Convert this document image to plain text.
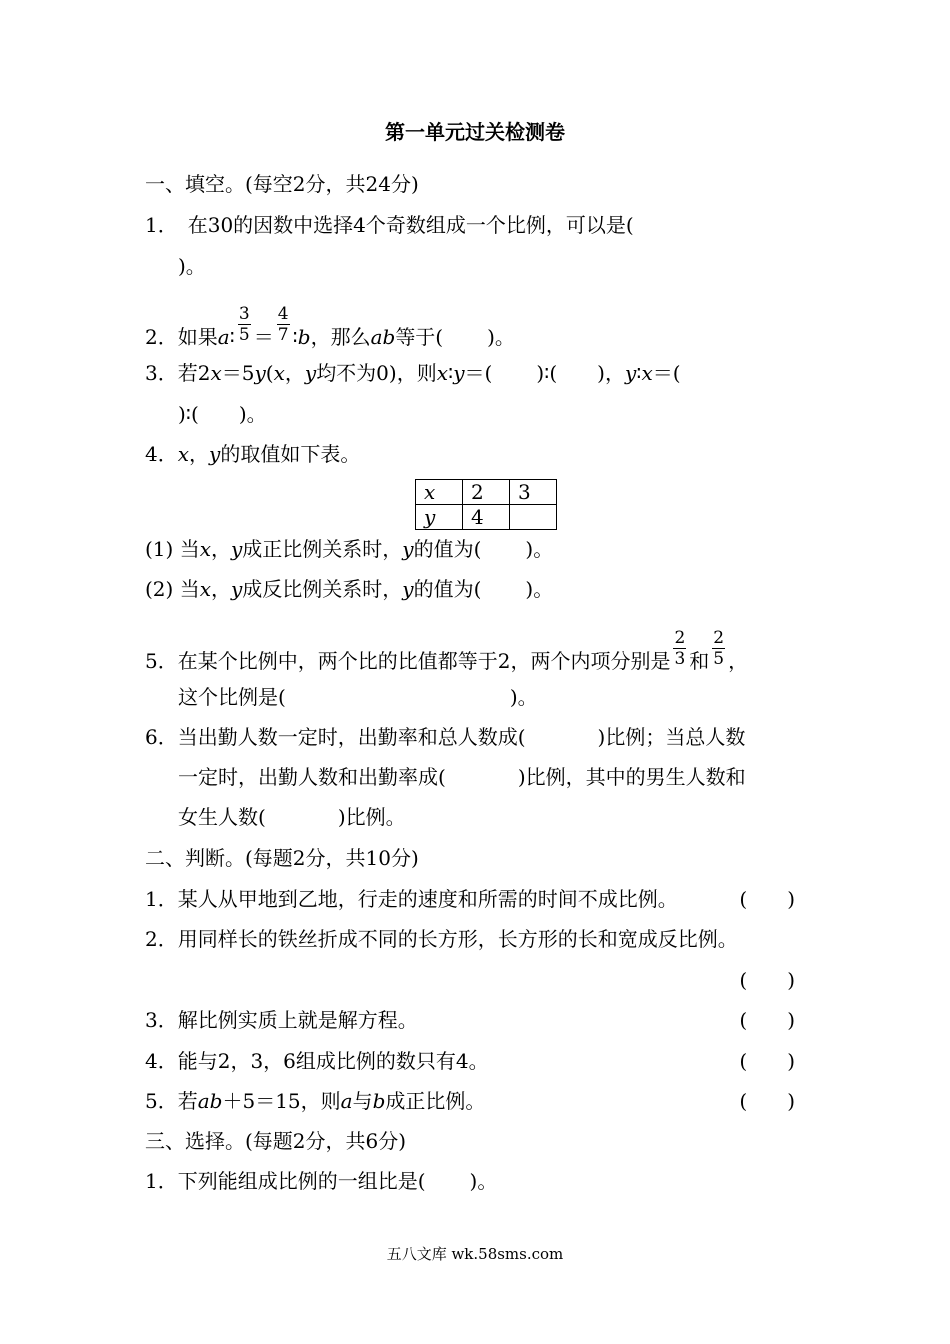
第一单元过关检测卷
一、填空。(每空2分，共24分)
1．　在30的因数中选择4个奇数组成一个比例，可以是(
)。
2．如果a∶ $\frac{3}{5} = \frac{4}{7}$ ∶b，那么ab等于( )。
3．若2x＝5y(x，y均不为0)，则x∶y＝( )∶( )，y∶x＝(
)∶( )。
4．x，y的取值如下表。
x	2	3
y	4	
(1) 当x，y成正比例关系时，y的值为( )。
(2) 当x，y成反比例关系时，y的值为( )。
5．在某个比例中，两个比的比值都等于2，两个内项分别是 $\frac{2}{3}$ 和 $\frac{2}{5}$ ，
这个比例是(	)。
6．当出勤人数一定时，出勤率和总人数成(	)比例；当总人数
一定时，出勤人数和出勤率成(	)比例，其中的男生人数和
女生人数(	)比例。
二、判断。(每题2分，共10分)
1．某人从甲地到乙地，行走的速度和所需的时间不成比例。	(　　)
2．用同样长的铁丝折成不同的长方形，长方形的长和宽成反比例。
(　　)
3．解比例实质上就是解方程。	(　　)
4．能与2，3，6组成比例的数只有4。	(　　)
5．若ab＋5＝15，则a与b成正比例。	(　　)
三、选择。(每题2分，共6分)
1．下列能组成比例的一组比是( )。
五八文库 wk.58sms.com
